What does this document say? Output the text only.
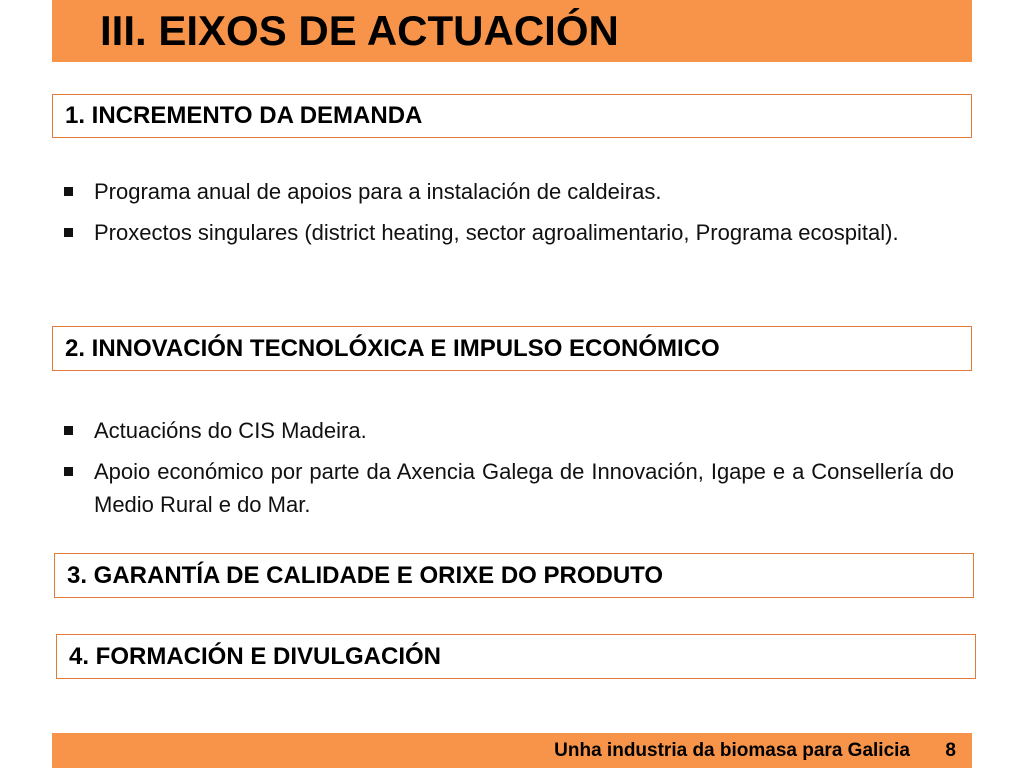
III. EIXOS DE ACTUACIÓN
1. INCREMENTO DA DEMANDA
Programa anual de apoios para a instalación de caldeiras.
Proxectos singulares (district heating, sector agroalimentario, Programa ecospital).
2. INNOVACIÓN TECNOLÓXICA E IMPULSO ECONÓMICO
Actuacións do CIS Madeira.
Apoio económico por parte da Axencia Galega de Innovación, Igape e a Consellería do Medio Rural e do Mar.
3. GARANTÍA DE CALIDADE E ORIXE DO PRODUTO
4. FORMACIÓN E DIVULGACIÓN
Unha industria da biomasa para Galicia 8
